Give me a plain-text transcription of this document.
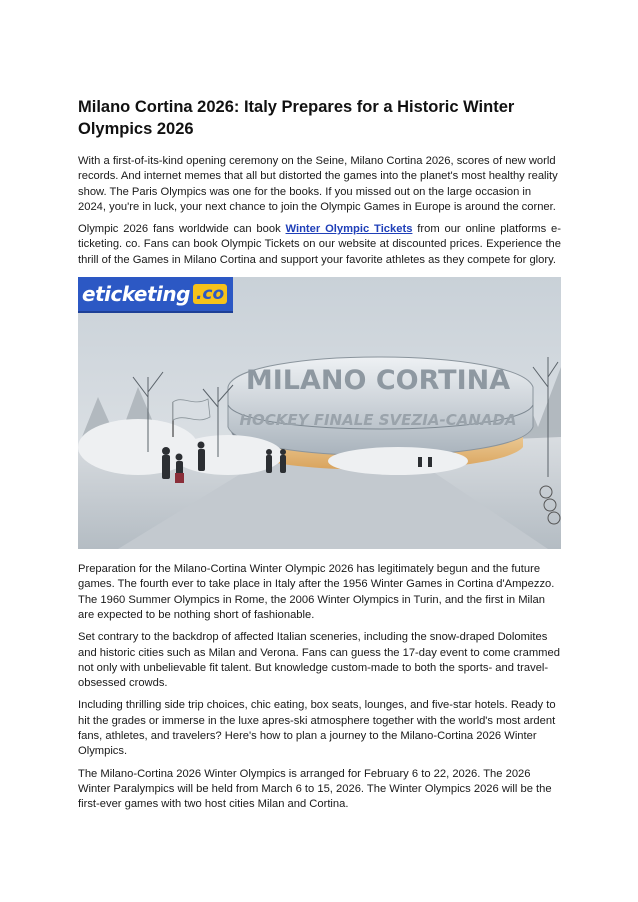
Milano Cortina 2026: Italy Prepares for a Historic Winter Olympics 2026

With a first-of-its-kind opening ceremony on the Seine, Milano Cortina 2026, scores of new world records. And internet memes that all but distorted the games into the planet's most healthy reality show. The Paris Olympics was one for the books. If you missed out on the large occasion in 2024, you're in luck, your next chance to join the Olympic Games in Europe is around the corner.

Olympic 2026 fans worldwide can book Winter Olympic Tickets from our online platforms e-ticketing. co. Fans can book Olympic Tickets on our website at discounted prices. Experience the thrill of the Games in Milano Cortina and support your favorite athletes as they compete for glory.

MILANO CORTINA
HOCKEY FINALE SVEZIA-CANADA
eticketing .co

Preparation for the Milano-Cortina Winter Olympic 2026 has legitimately begun and the future games. The fourth ever to take place in Italy after the 1956 Winter Games in Cortina d'Ampezzo. The 1960 Summer Olympics in Rome, the 2006 Winter Olympics in Turin, and the first in Milan are expected to be nothing short of fashionable.

Set contrary to the backdrop of affected Italian sceneries, including the snow-draped Dolomites and historic cities such as Milan and Verona. Fans can guess the 17-day event to come crammed not only with unbelievable fit talent. But knowledge custom-made to both the sports- and travel-obsessed crowds.

Including thrilling side trip choices, chic eating, box seats, lounges, and five-star hotels. Ready to hit the grades or immerse in the luxe apres-ski atmosphere together with the world's most ardent fans, athletes, and travelers? Here's how to plan a journey to the Milano-Cortina 2026 Winter Olympics.

The Milano-Cortina 2026 Winter Olympics is arranged for February 6 to 22, 2026. The 2026 Winter Paralympics will be held from March 6 to 15, 2026. The Winter Olympics 2026 will be the first-ever games with two host cities Milan and Cortina.
